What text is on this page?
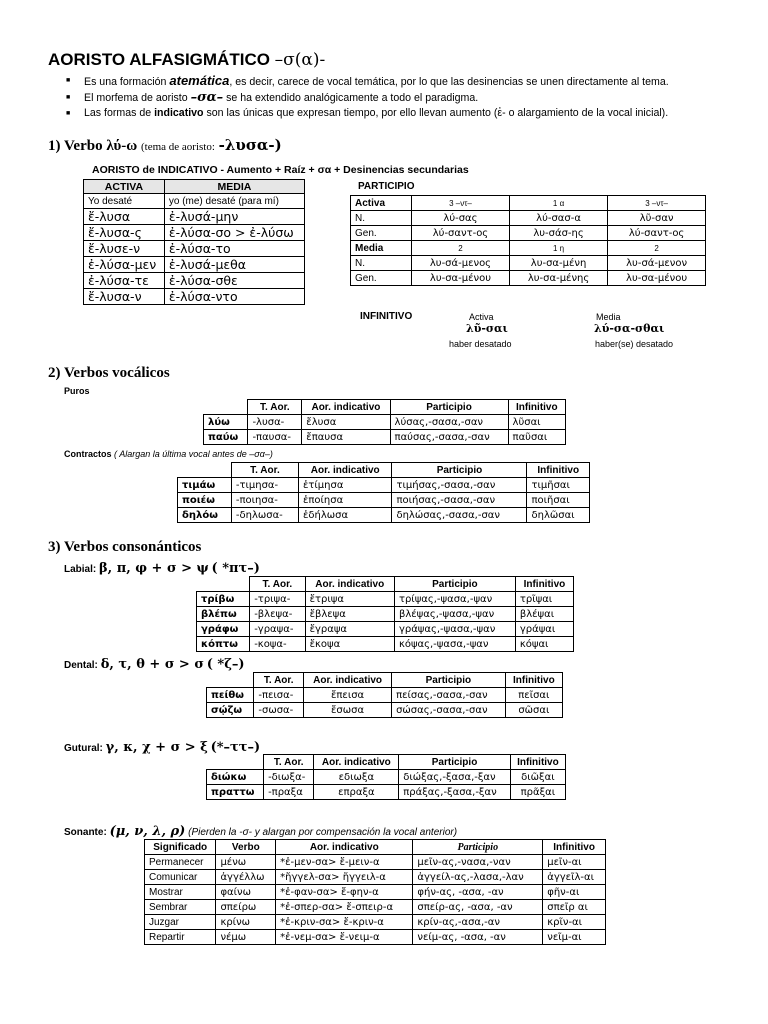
AORISTO ALFASIGMÁTICO –σ(α)-
■ Es una formación atemática, es decir, carece de vocal temática, por lo que las desinencias se unen directamente al tema.
■ El morfema de aoristo –σα– se ha extendido analógicamente a todo el paradigma.
■ Las formas de indicativo son las únicas que expresan tiempo, por ello llevan aumento (ἐ- o alargamiento de la vocal inicial).
1) Verbo λύ-ω (tema de aoristo: -λυσα-)
AORISTO de INDICATIVO - Aumento + Raíz + σα + Desinencias secundarias
ACTIVA	MEDIA
Yo desaté	yo (me) desaté (para mí)
ἔ-λυσα	ἐ-λυσά-μην
ἔ-λυσα-ς	ἐ-λύσα-σο > ἐ-λύσω
ἔ-λυσε-ν	ἐ-λύσα-το
ἐ-λύσα-μεν	ἐ-λυσά-μεθα
ἐ-λύσα-τε	ἐ-λύσα-σθε
ἔ-λυσα-ν	ἐ-λύσα-ντο
PARTICIPIO
Activa	3 –ντ–	1 α	3 –ντ–
N.	λύ-σας	λύ-σασ-α	λῦ-σαν
Gen.	λύ-σαντ-ος	λυ-σάσ-ης	λύ-σαντ-ος
Media	2	1 η	2
N.	λυ-σά-μενος	λυ-σα-μένη	λυ-σά-μενον
Gen.	λυ-σα-μένου	λυ-σα-μένης	λυ-σα-μένου
INFINITIVO	Activa
λῦ-σαι
haber desatado
Media
λύ-σα-σθαι
haber(se) desatado
2) Verbos vocálicos
Puros
	T. Aor.	Aor. indicativo	Participio	Infinitivo
λύω	-λυσα-	ἔλυσα	λύσας,-σασα,-σαν	λῦσαι
παύω	-παυσα-	ἔπαυσα	παύσας,-σασα,-σαν	παῦσαι
Contractos ( Alargan la última vocal antes de –σα–)
	T. Aor.	Aor. indicativo	Participio	Infinitivo
τιμάω	-τιμησα-	ἐτίμησα	τιμήσας,-σασα,-σαν	τιμῆσαι
ποιέω	-ποιησα-	ἐποίησα	ποιήσας,-σασα,-σαν	ποιῆσαι
δηλόω	-δηλωσα-	ἐδήλωσα	δηλώσας,-σασα,-σαν	δηλῶσαι
3) Verbos consonánticos
Labial: β, π, φ + σ > ψ ( *πτ–)
	T. Aor.	Aor. indicativo	Participio	Infinitivo
τρίβω	-τριψα-	ἔτριψα	τρίψας,-ψασα,-ψαν	τρῖψαι
βλέπω	-βλεψα-	ἔβλεψα	βλέψας,-ψασα,-ψαν	βλέψαι
γράφω	-γραψα-	ἔγραψα	γράψας,-ψασα,-ψαν	γράψαι
κόπτω	-κοψα-	ἔκοψα	κόψας,-ψασα,-ψαν	κόψαι
Dental: δ, τ, θ + σ > σ ( *ζ–)
	T. Aor.	Aor. indicativo	Participio	Infinitivo
πείθω	-πεισα-	ἔπεισα	πείσας,-σασα,-σαν	πεῖσαι
σῴζω	-σωσα-	ἔσωσα	σώσας,-σασα,-σαν	σῶσαι
Gutural: γ, κ, χ + σ > ξ (*–ττ–)
	T. Aor.	Aor. indicativo	Participio	Infinitivo
διώκω	-διωξα-	εδιωξα	διώξας,-ξασα,-ξαν	διῶξαι
πραττω	-πραξα	επραξα	πράξας,-ξασα,-ξαν	πρᾶξαι
Sonante: (μ, ν, λ, ρ) (Pierden la -σ- y alargan por compensación la vocal anterior)
Significado	Verbo	Aor. indicativo	Participio	Infinitivo
Permanecer	μένω	*ἐ-μεν-σα> ἔ-μειν-α	μεῖν-ας,-νασα,-ναν	μεῖν-αι
Comunicar	ἀγγέλλω	*ἤγγελ-σα> ἤγγειλ-α	ἀγγείλ-ας,-λασα,-λαν	ἀγγεῖλ-αι
Mostrar	φαίνω	*ἐ-φαν-σα> ἔ-φην-α	φήν-ας, -ασα, -αν	φῆν-αι
Sembrar	σπείρω	*ἐ-σπερ-σα> ἔ-σπειρ-α	σπείρ-ας, -ασα, -αν	σπεῖρ αι
Juzgar	κρίνω	*ἐ-κριν-σα> ἔ-κριν-α	κρίν-ας,-ασα,-αν	κρῖν-αι
Repartir	νέμω	*ἐ-νεμ-σα> ἔ-νειμ-α	νείμ-ας, -ασα, -αν	νεῖμ-αι
